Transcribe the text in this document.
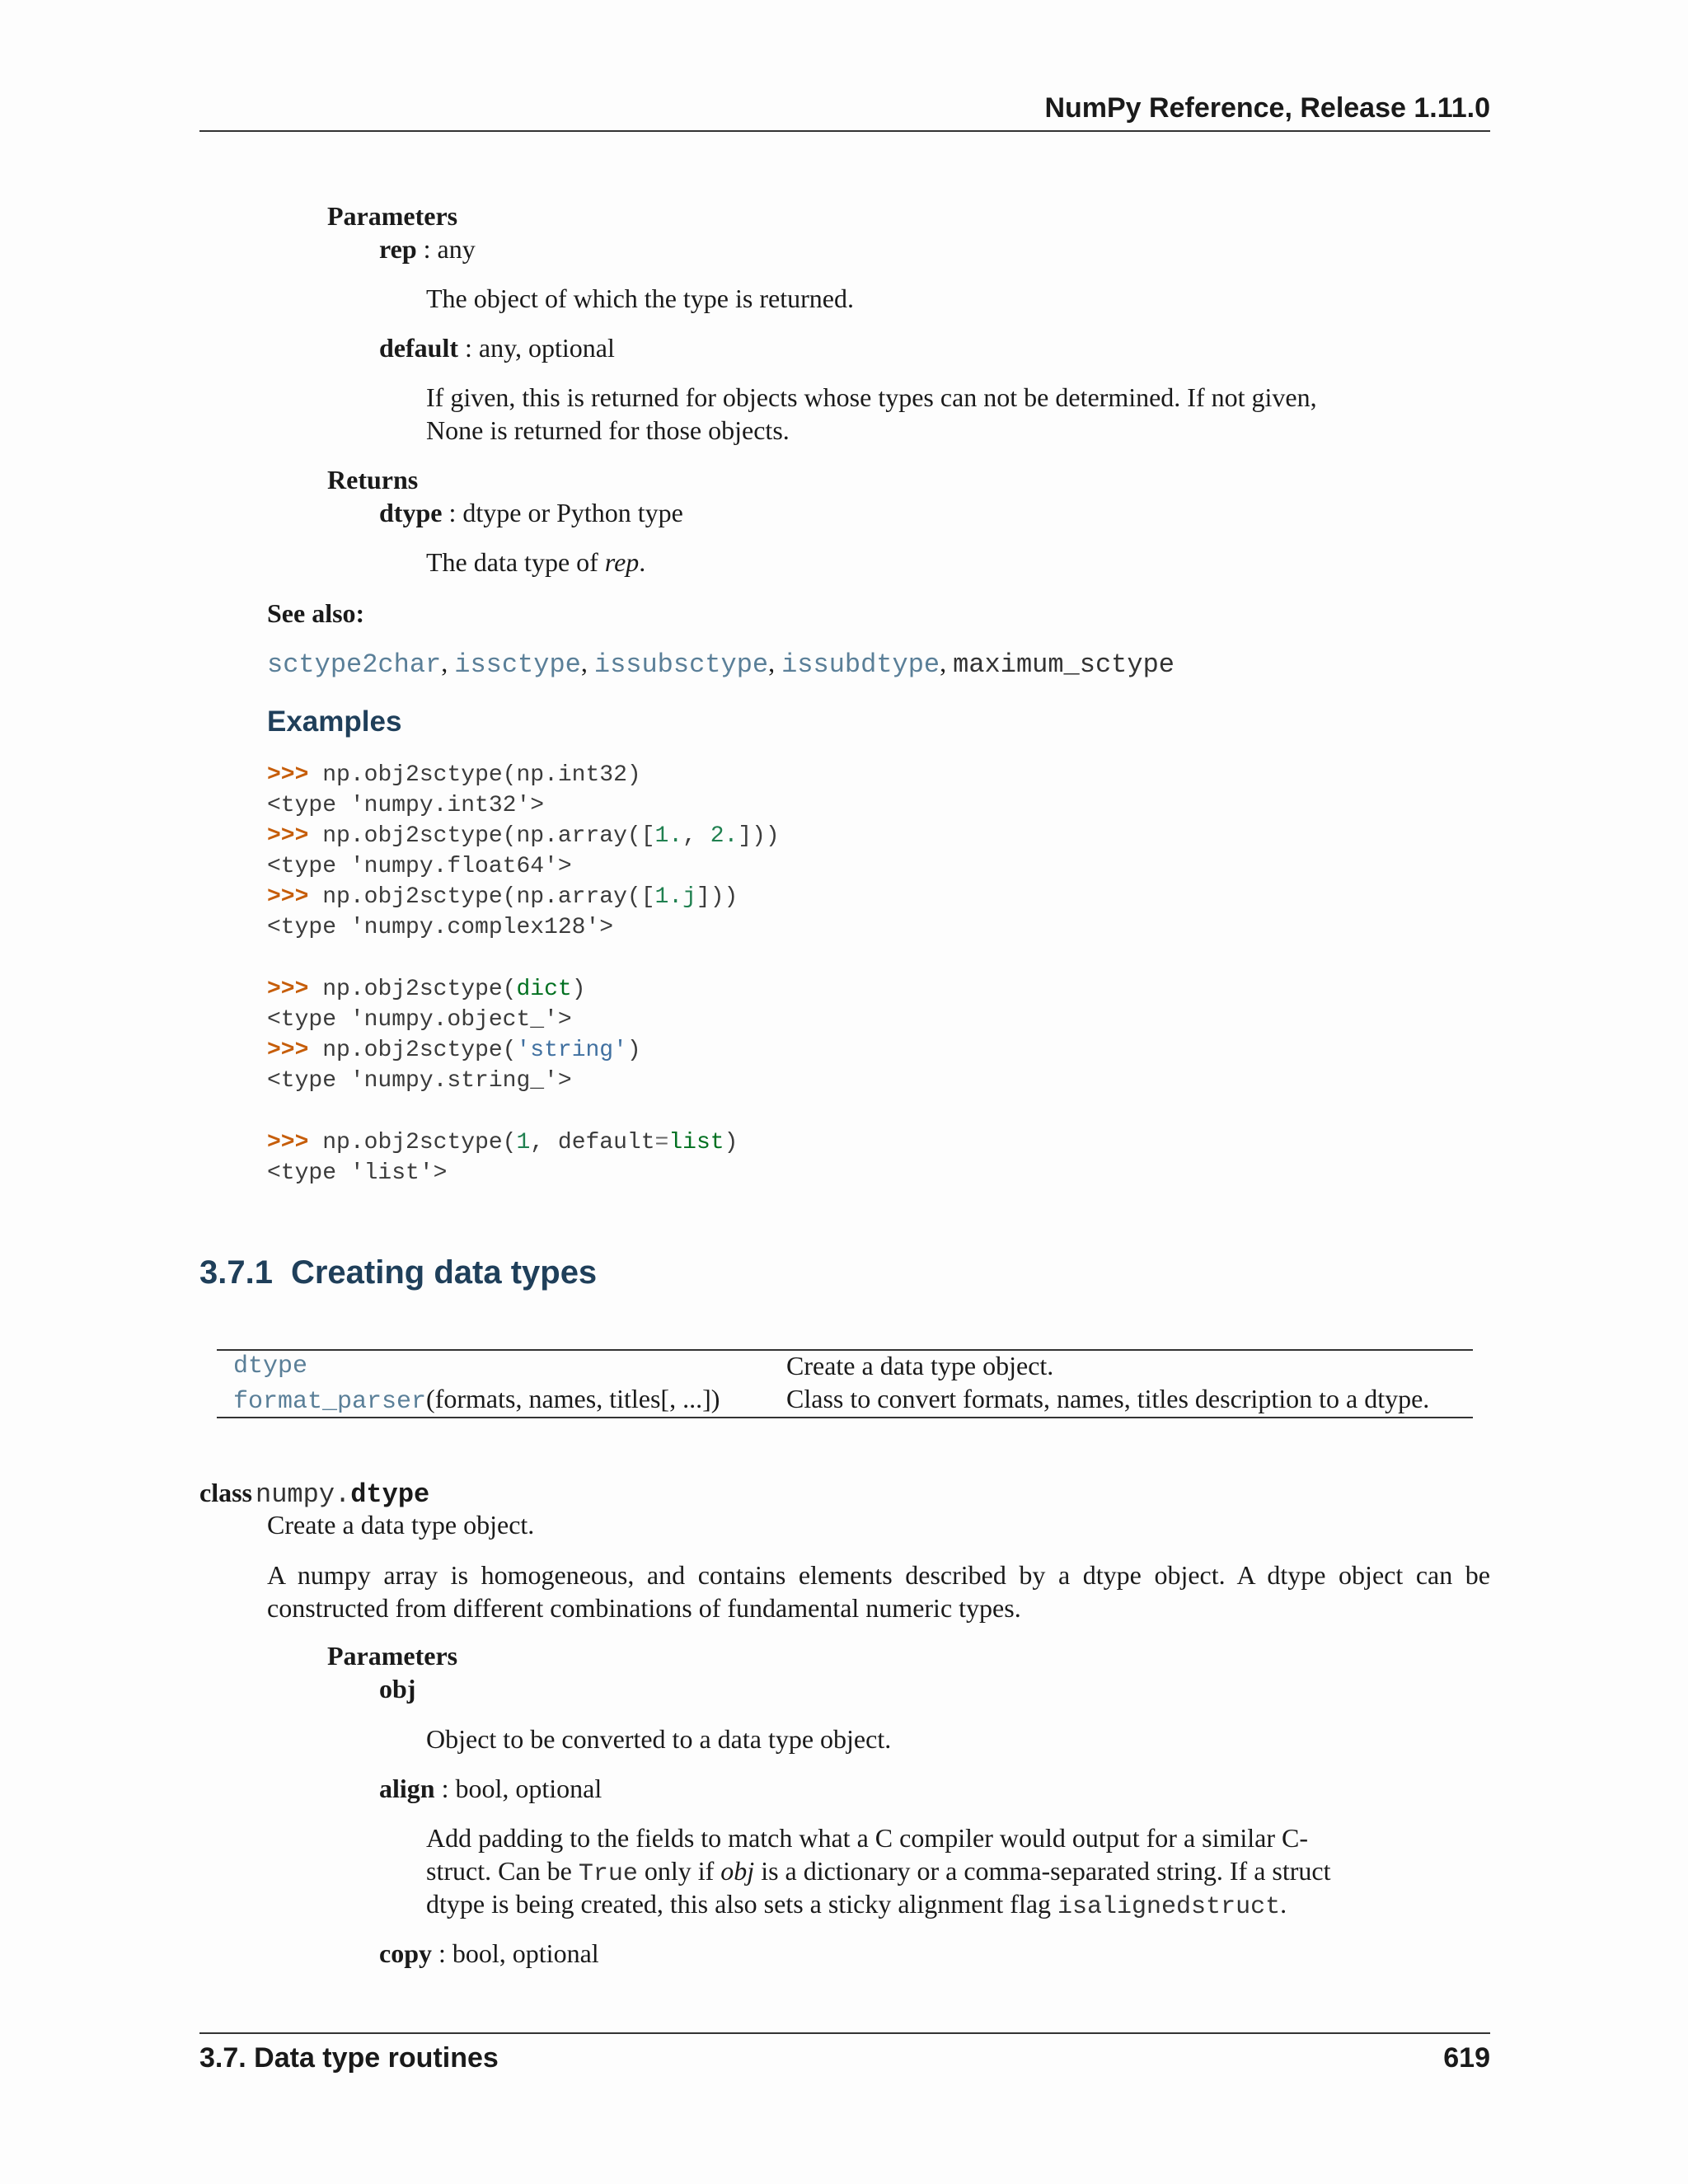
NumPy Reference, Release 1.11.0
Parameters
rep : any
The object of which the type is returned.
default : any, optional
If given, this is returned for objects whose types can not be determined. If not given,
None is returned for those objects.
Returns
dtype : dtype or Python type
The data type of rep.
See also:
sctype2char, issctype, issubsctype, issubdtype, maximum_sctype
Examples
>>> np.obj2sctype(np.int32)
<type 'numpy.int32'>
>>> np.obj2sctype(np.array([1., 2.]))
<type 'numpy.float64'>
>>> np.obj2sctype(np.array([1.j]))
<type 'numpy.complex128'>
>>> np.obj2sctype(dict)
<type 'numpy.object_'>
>>> np.obj2sctype('string')
<type 'numpy.string_'>
>>> np.obj2sctype(1, default=list)
<type 'list'>
3.7.1 Creating data types
dtype	Create a data type object.
format_parser(formats, names, titles[, ...])	Class to convert formats, names, titles description to a dtype.
class numpy.dtype
Create a data type object.
A numpy array is homogeneous, and contains elements described by a dtype object. A dtype object can be
constructed from different combinations of fundamental numeric types.
Parameters
obj
Object to be converted to a data type object.
align : bool, optional
Add padding to the fields to match what a C compiler would output for a similar C-
struct. Can be True only if obj is a dictionary or a comma-separated string. If a struct
dtype is being created, this also sets a sticky alignment flag isalignedstruct.
copy : bool, optional
3.7. Data type routines	619
